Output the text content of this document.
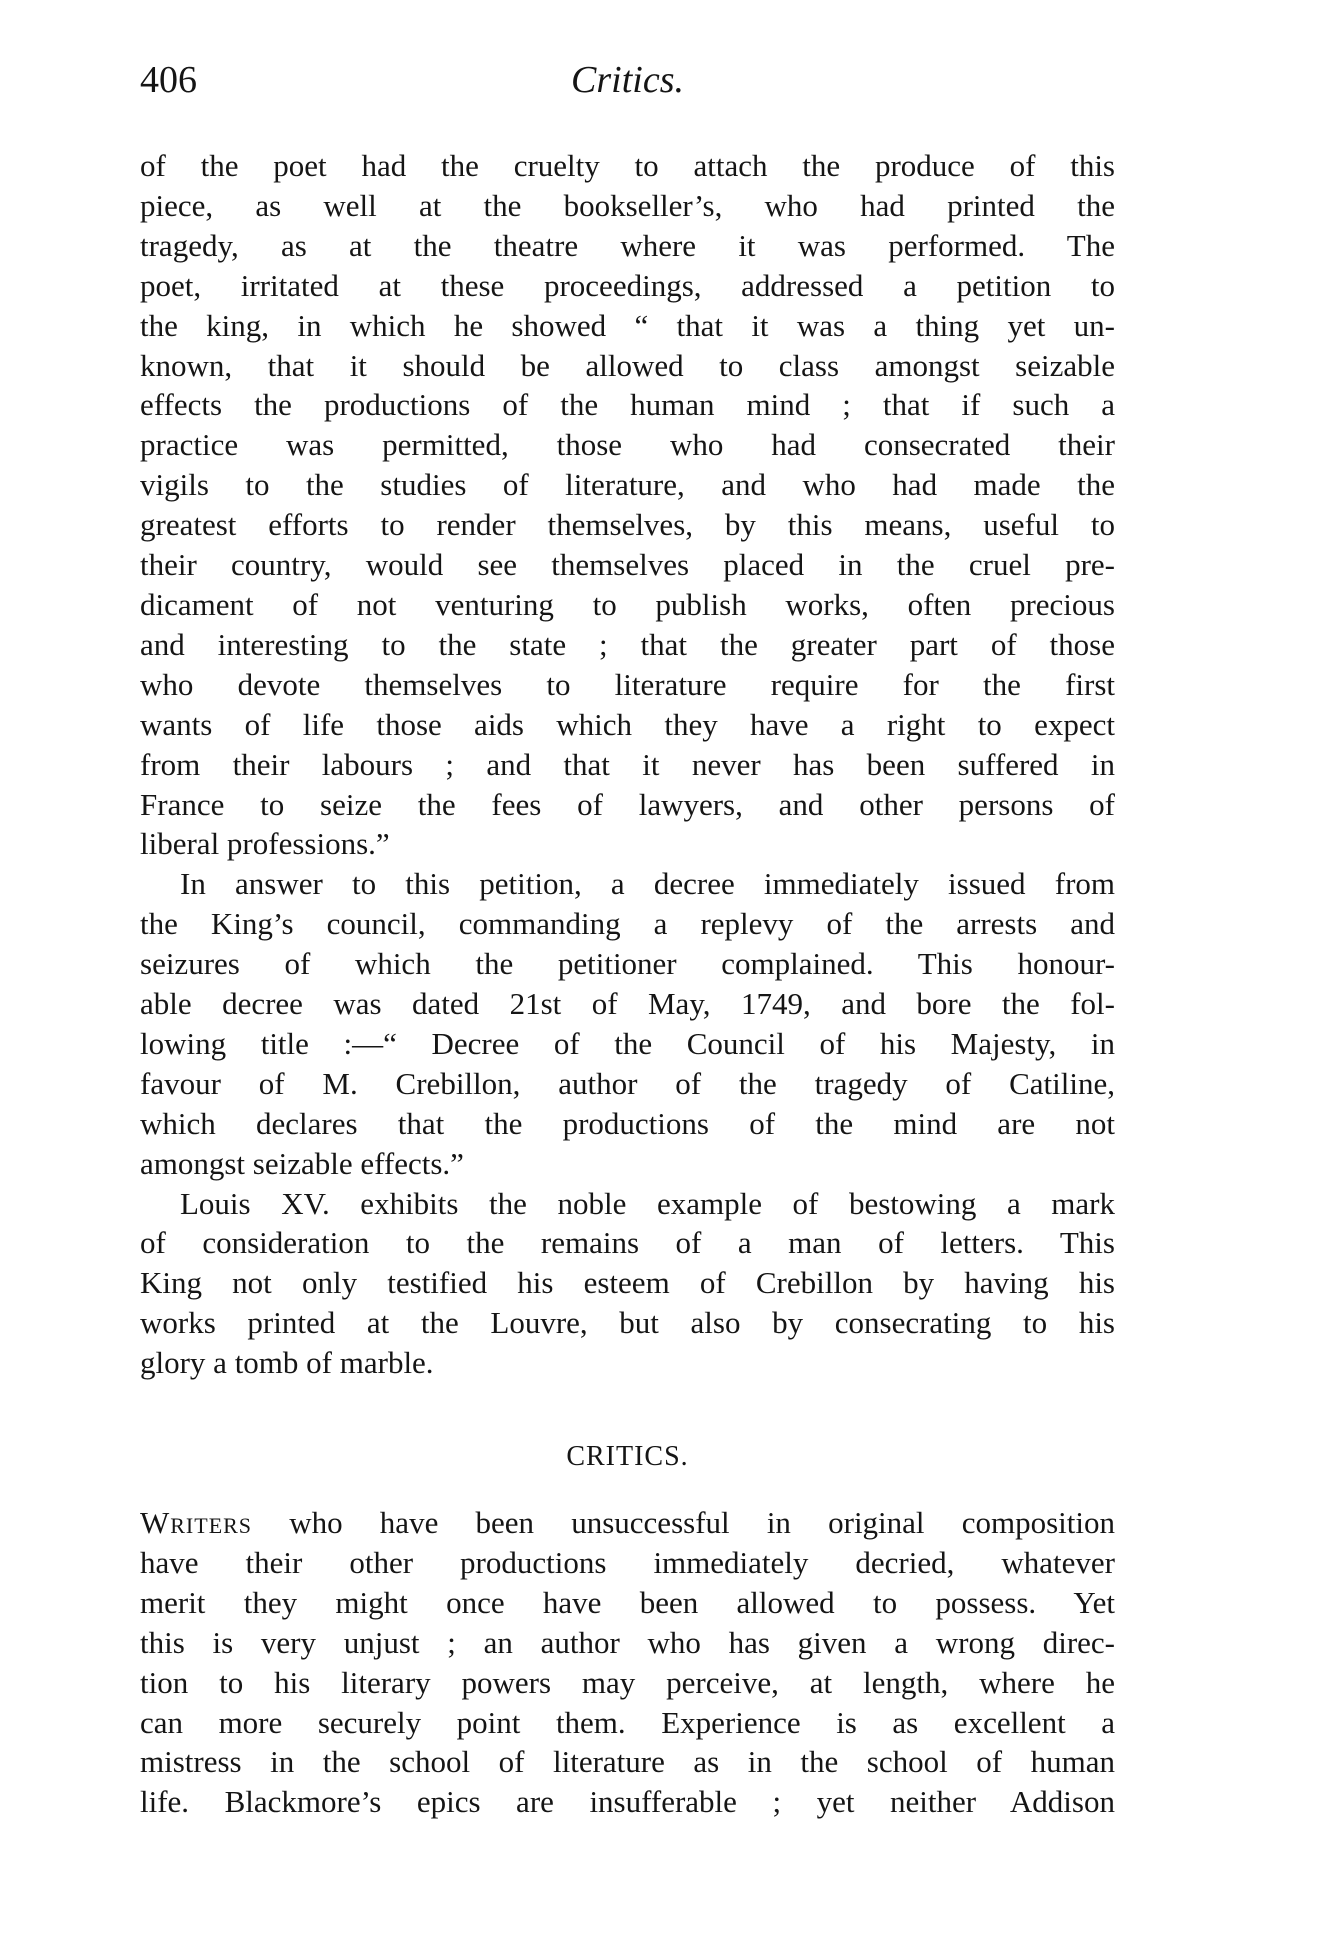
406	Critics.

of the poet had the cruelty to attach the produce of this
piece, as well at the bookseller’s, who had printed the
tragedy, as at the theatre where it was performed. The
poet, irritated at these proceedings, addressed a petition to
the king, in which he showed “ that it was a thing yet un-
known, that it should be allowed to class amongst seizable
effects the productions of the human mind ; that if such a
practice was permitted, those who had consecrated their
vigils to the studies of literature, and who had made the
greatest efforts to render themselves, by this means, useful to
their country, would see themselves placed in the cruel pre-
dicament of not venturing to publish works, often precious
and interesting to the state ; that the greater part of those
who devote themselves to literature require for the first
wants of life those aids which they have a right to expect
from their labours ; and that it never has been suffered in
France to seize the fees of lawyers, and other persons of
liberal professions.”

In answer to this petition, a decree immediately issued from
the King’s council, commanding a replevy of the arrests and
seizures of which the petitioner complained. This honour-
able decree was dated 21st of May, 1749, and bore the fol-
lowing title :—“ Decree of the Council of his Majesty, in
favour of M. Crebillon, author of the tragedy of Catiline,
which declares that the productions of the mind are not
amongst seizable effects.”

Louis XV. exhibits the noble example of bestowing a mark
of consideration to the remains of a man of letters. This
King not only testified his esteem of Crebillon by having his
works printed at the Louvre, but also by consecrating to his
glory a tomb of marble.

CRITICS.

Writers who have been unsuccessful in original composition
have their other productions immediately decried, whatever
merit they might once have been allowed to possess. Yet
this is very unjust ; an author who has given a wrong direc-
tion to his literary powers may perceive, at length, where he
can more securely point them. Experience is as excellent a
mistress in the school of literature as in the school of human
life. Blackmore’s epics are insufferable ; yet neither Addison
